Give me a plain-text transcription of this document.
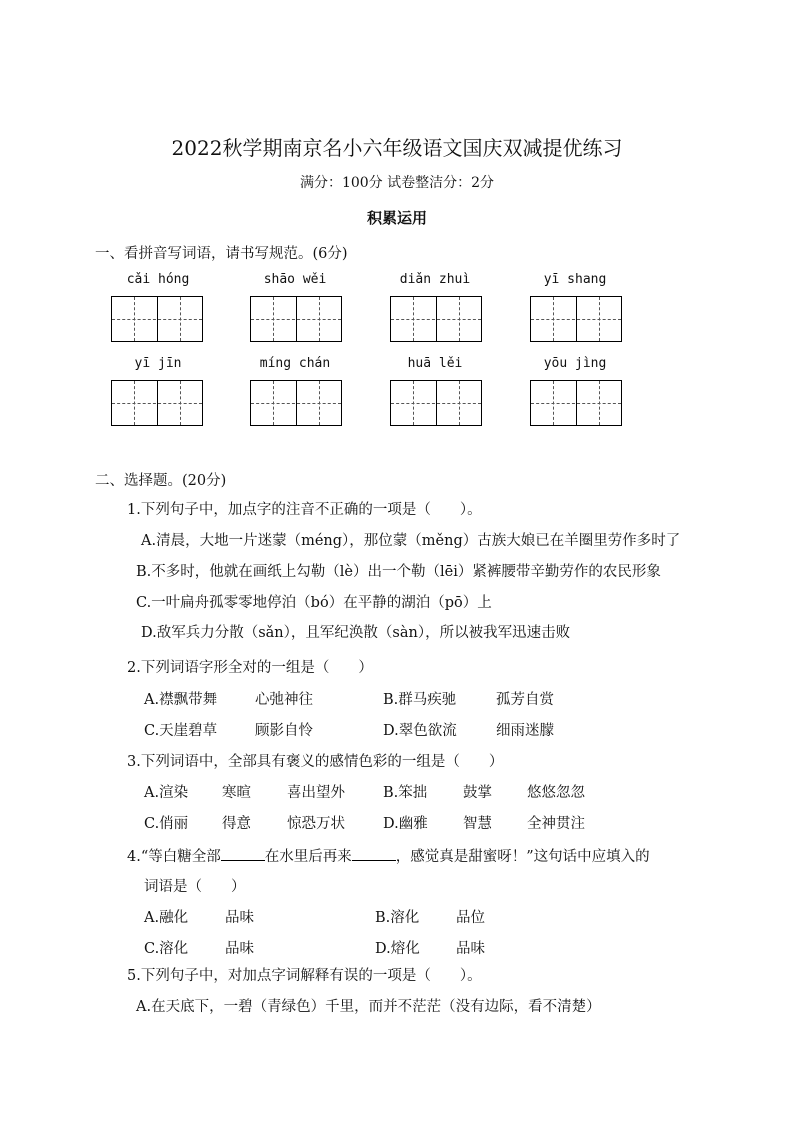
2022秋学期南京名小六年级语文国庆双减提优练习
满分：100分 试卷整洁分：2分
积累运用
一、看拼音写词语，请书写规范。(6分)
cǎi hóng	shāo wěi	diǎn zhuì	yī shang
yī jīn	míng chán	huā lěi	yōu jìng
二、选择题。(20分)
1.下列句子中，加点字的注音不正确的一项是（　　）。
A.清晨，大地一片迷蒙（méng），那位蒙（měng）古族大娘已在羊圈里劳作多时了
B.不多时，他就在画纸上勾勒（lè）出一个勒（lēi）紧裤腰带辛勤劳作的农民形象
C.一叶扁舟孤零零地停泊（bó）在平静的湖泊（pō）上
D.敌军兵力分散（sǎn），且军纪涣散（sàn），所以被我军迅速击败
2.下列词语字形全对的一组是（　　）
A.襟飘带舞	心弛神往	B.群马疾驰	孤芳自赏
C.天崖碧草	顾影自怜	D.翠色欲流	细雨迷朦
3.下列词语中，全部具有褒义的感情色彩的一组是（　　）
A.渲染 寒暄 喜出望外	B.笨拙 鼓掌 悠悠忽忽
C.俏丽 得意 惊恐万状	D.幽雅 智慧 全神贯注
4.“等白糖全部	在水里后再来	，感觉真是甜蜜呀！”这句话中应填入的
词语是（　　）
A.融化	品味	B.溶化	品位
C.溶化	品味	D.熔化	品味
5.下列句子中，对加点字词解释有误的一项是（　　）。
A.在天底下，一碧（青绿色）千里，而并不茫茫（没有边际，看不清楚）
